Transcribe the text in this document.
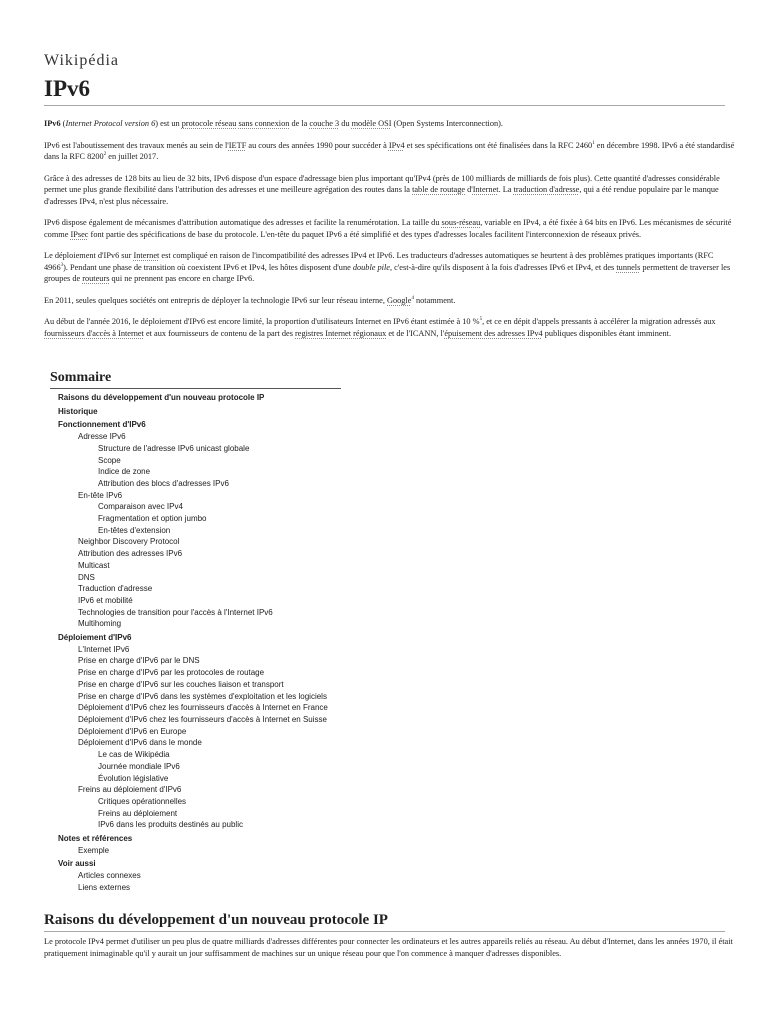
Wikipédia
IPv6

IPv6 (Internet Protocol version 6) est un protocole réseau sans connexion de la couche 3 du modèle OSI (Open Systems Interconnection).

IPv6 est l'aboutissement des travaux menés au sein de l'IETF au cours des années 1990 pour succéder à IPv4 et ses spécifications ont été finalisées dans la RFC 2460$^1$ en décembre 1998. IPv6 a été standardisé dans la RFC 8200$^2$ en juillet 2017.

Grâce à des adresses de 128 bits au lieu de 32 bits, IPv6 dispose d'un espace d'adressage bien plus important qu'IPv4 (près de 100 milliards de milliards de fois plus). Cette quantité d'adresses considérable permet une plus grande flexibilité dans l'attribution des adresses et une meilleure agrégation des routes dans la table de routage d'Internet. La traduction d'adresse, qui a été rendue populaire par le manque d'adresses IPv4, n'est plus nécessaire.

IPv6 dispose également de mécanismes d'attribution automatique des adresses et facilite la renumérotation. La taille du sous-réseau, variable en IPv4, a été fixée à 64 bits en IPv6. Les mécanismes de sécurité comme IPsec font partie des spécifications de base du protocole. L'en-tête du paquet IPv6 a été simplifié et des types d'adresses locales facilitent l'interconnexion de réseaux privés.

Le déploiement d'IPv6 sur Internet est compliqué en raison de l'incompatibilité des adresses IPv4 et IPv6. Les traducteurs d'adresses automatiques se heurtent à des problèmes pratiques importants (RFC 4966$^3$). Pendant une phase de transition où coexistent IPv6 et IPv4, les hôtes disposent d'une double pile, c'est-à-dire qu'ils disposent à la fois d'adresses IPv6 et IPv4, et des tunnels permettent de traverser les groupes de routeurs qui ne prennent pas encore en charge IPv6.

En 2011, seules quelques sociétés ont entrepris de déployer la technologie IPv6 sur leur réseau interne, Google$^4$ notamment.

Au début de l'année 2016, le déploiement d'IPv6 est encore limité, la proportion d'utilisateurs Internet en IPv6 étant estimée à 10 %$^5$, et ce en dépit d'appels pressants à accélérer la migration adressés aux fournisseurs d'accès à Internet et aux fournisseurs de contenu de la part des registres Internet régionaux et de l'ICANN, l'épuisement des adresses IPv4 publiques disponibles étant imminent.

Sommaire
Raisons du développement d'un nouveau protocole IP
Historique
Fonctionnement d'IPv6
Adresse IPv6
Structure de l'adresse IPv6 unicast globale
Scope
Indice de zone
Attribution des blocs d'adresses IPv6
En-tête IPv6
Comparaison avec IPv4
Fragmentation et option jumbo
En-têtes d'extension
Neighbor Discovery Protocol
Attribution des adresses IPv6
Multicast
DNS
Traduction d'adresse
IPv6 et mobilité
Technologies de transition pour l'accès à l'Internet IPv6
Multihoming
Déploiement d'IPv6
L'Internet IPv6
Prise en charge d'IPv6 par le DNS
Prise en charge d'IPv6 par les protocoles de routage
Prise en charge d'IPv6 sur les couches liaison et transport
Prise en charge d'IPv6 dans les systèmes d'exploitation et les logiciels
Déploiement d'IPv6 chez les fournisseurs d'accès à Internet en France
Déploiement d'IPv6 chez les fournisseurs d'accès à Internet en Suisse
Déploiement d'IPv6 en Europe
Déploiement d'IPv6 dans le monde
Le cas de Wikipédia
Journée mondiale IPv6
Évolution législative
Freins au déploiement d'IPv6
Critiques opérationnelles
Freins au déploiement
IPv6 dans les produits destinés au public
Notes et références
Exemple
Voir aussi
Articles connexes
Liens externes
Raisons du développement d'un nouveau protocole IP

Le protocole IPv4 permet d'utiliser un peu plus de quatre milliards d'adresses différentes pour connecter les ordinateurs et les autres appareils reliés au réseau. Au début d'Internet, dans les années 1970, il était pratiquement inimaginable qu'il y aurait un jour suffisamment de machines sur un unique réseau pour que l'on commence à manquer d'adresses disponibles.
